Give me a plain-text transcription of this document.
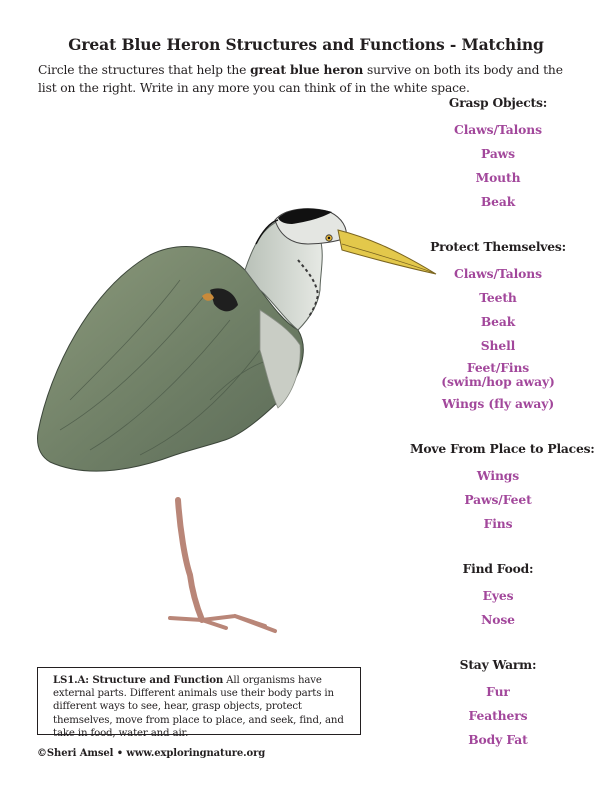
Great Blue Heron Structures and Functions - Matching
Circle the structures that help the great blue heron survive on both its body and the list on the right. Write in any more you can think of in the white space.
Grasp Objects:
Claws/Talons
Paws
Mouth
Beak
Protect Themselves:
Claws/Talons
Teeth
Beak
Shell
Feet/Fins
(swim/hop away)
Wings (fly away)
Move From Place to Places:
Wings
Paws/Feet
Fins
Find Food:
Eyes
Nose
Stay Warm:
Fur
Feathers
Body Fat
LS1.A: Structure and Function All organisms have external parts. Different animals use their body parts in different ways to see, hear, grasp objects, protect themselves, move from place to place, and seek, find, and take in food, water and air.
©Sheri Amsel • www.exploringnature.org
